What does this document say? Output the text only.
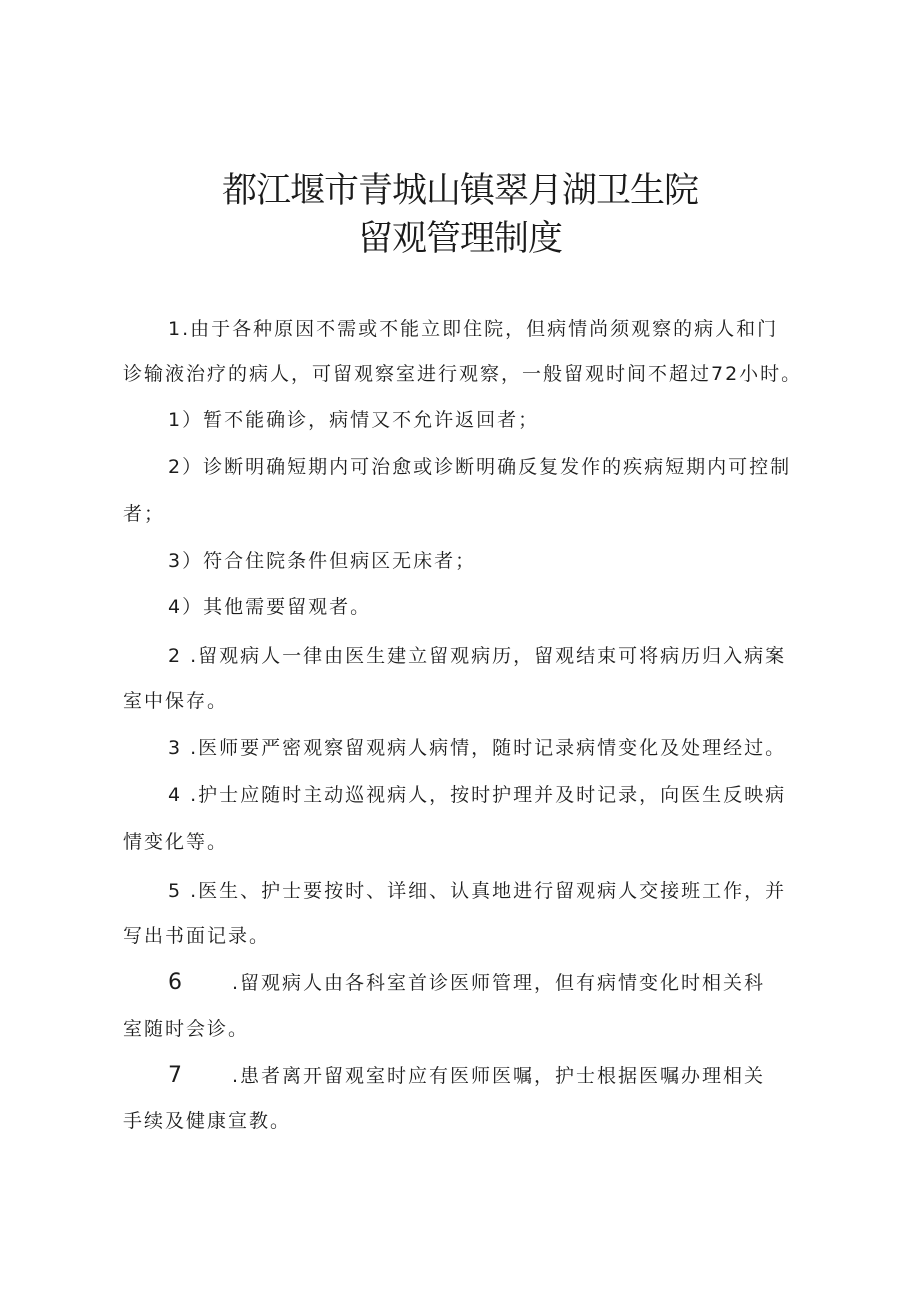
都江堰市青城山镇翠月湖卫生院
留观管理制度
1.由于各种原因不需或不能立即住院，但病情尚须观察的病人和门
诊输液治疗的病人，可留观察室进行观察，一般留观时间不超过72小时。
1）暂不能确诊，病情又不允许返回者；
2）诊断明确短期内可治愈或诊断明确反复发作的疾病短期内可控制
者；
3）符合住院条件但病区无床者；
4）其他需要留观者。
2 .留观病人一律由医生建立留观病历，留观结束可将病历归入病案
室中保存。
3 .医师要严密观察留观病人病情，随时记录病情变化及处理经过。
4 .护士应随时主动巡视病人，按时护理并及时记录，向医生反映病
情变化等。
5 .医生、护士要按时、详细、认真地进行留观病人交接班工作，并
写出书面记录。
6	.留观病人由各科室首诊医师管理，但有病情变化时相关科
室随时会诊。
7	.患者离开留观室时应有医师医嘱，护士根据医嘱办理相关
手续及健康宣教。
